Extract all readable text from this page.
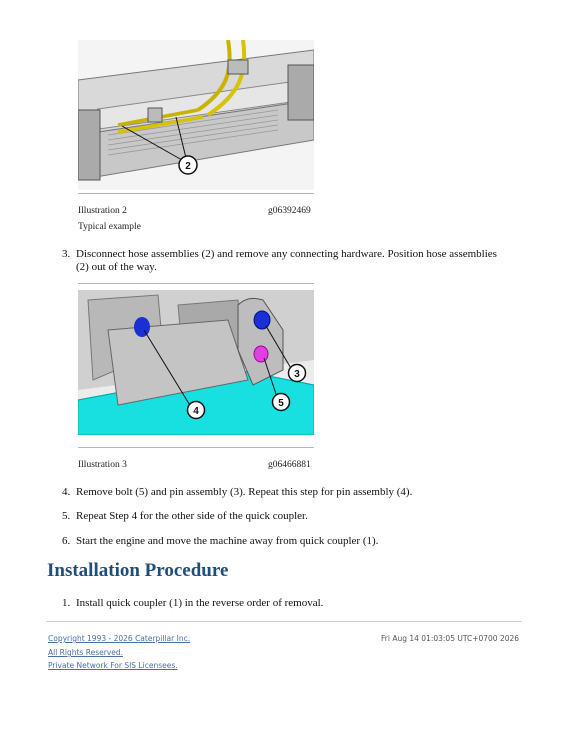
2
Illustration 2	g06392469
Typical example
3. Disconnect hose assemblies (2) and remove any connecting hardware. Position hose assemblies
(2) out of the way.
4
3
5
Illustration 3	g06466881
4. Remove bolt (5) and pin assembly (3). Repeat this step for pin assembly (4).
5. Repeat Step 4 for the other side of the quick coupler.
6. Start the engine and move the machine away from quick coupler (1).
Installation Procedure
1. Install quick coupler (1) in the reverse order of removal.
Copyright 1993 - 2026 Caterpillar Inc.	Fri Aug 14 01:03:05 UTC+0700 2026
All Rights Reserved.
Private Network For SIS Licensees.
